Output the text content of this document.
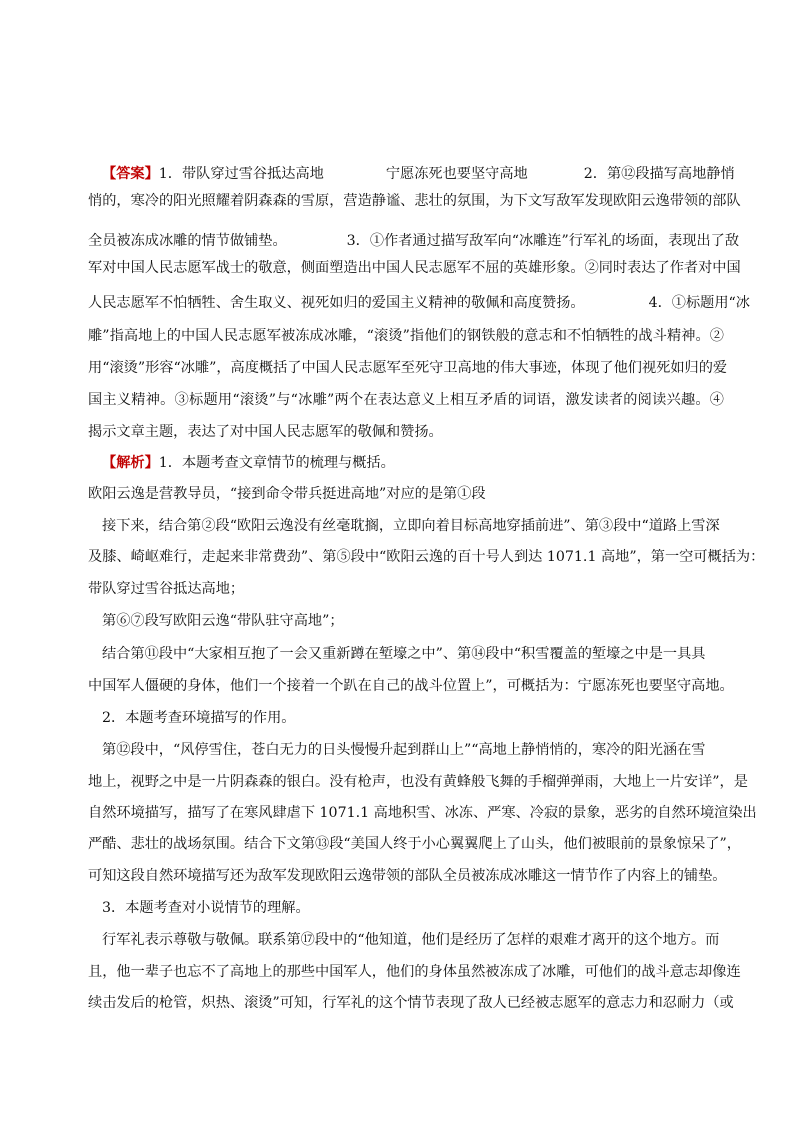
【答案】1．带队穿过雪谷抵达高地	宁愿冻死也要坚守高地	2．第⑫段描写高地静悄
悄的，寒冷的阳光照耀着阴森森的雪原，营造静谧、悲壮的氛围，为下文写敌军发现欧阳云逸带领的部队
全员被冻成冰雕的情节做铺垫。	3．①作者通过描写敌军向“冰雕连”行军礼的场面，表现出了敌
军对中国人民志愿军战士的敬意，侧面塑造出中国人民志愿军不屈的英雄形象。②同时表达了作者对中国
人民志愿军不怕牺牲、舍生取义、视死如归的爱国主义精神的敬佩和高度赞扬。	4．①标题用“冰
雕”指高地上的中国人民志愿军被冻成冰雕，“滚烫”指他们的钢铁般的意志和不怕牺牲的战斗精神。②
用“滚烫”形容“冰雕”，高度概括了中国人民志愿军至死守卫高地的伟大事迹，体现了他们视死如归的爱
国主义精神。③标题用“滚烫”与“冰雕”两个在表达意义上相互矛盾的词语，激发读者的阅读兴趣。④
揭示文章主题，表达了对中国人民志愿军的敬佩和赞扬。
【解析】1．本题考查文章情节的梳理与概括。
欧阳云逸是营教导员，“接到命令带兵挺进高地”对应的是第①段
接下来，结合第②段“欧阳云逸没有丝毫耽搁，立即向着目标高地穿插前进”、第③段中“道路上雪深
及膝、崎岖难行，走起来非常费劲”、第⑤段中“欧阳云逸的百十号人到达 1071.1 高地”，第一空可概括为：
带队穿过雪谷抵达高地；
第⑥⑦段写欧阳云逸“带队驻守高地”；
结合第⑪段中“大家相互抱了一会又重新蹲在堑壕之中”、第⑭段中“积雪覆盖的堑壕之中是一具具
中国军人僵硬的身体，他们一个接着一个趴在自己的战斗位置上”，可概括为：宁愿冻死也要坚守高地。
2．本题考查环境描写的作用。
第⑫段中，“风停雪住，苍白无力的日头慢慢升起到群山上”“高地上静悄悄的，寒冷的阳光涵在雪
地上，视野之中是一片阴森森的银白。没有枪声，也没有黄蜂般飞舞的手榴弹弹雨，大地上一片安详”，是
自然环境描写，描写了在寒风肆虐下 1071.1 高地积雪、冰冻、严寒、冷寂的景象，恶劣的自然环境渲染出
严酷、悲壮的战场氛围。结合下文第⑬段“美国人终于小心翼翼爬上了山头，他们被眼前的景象惊呆了”，
可知这段自然环境描写还为敌军发现欧阳云逸带领的部队全员被冻成冰雕这一情节作了内容上的铺垫。
3．本题考查对小说情节的理解。
行军礼表示尊敬与敬佩。联系第⑰段中的“他知道，他们是经历了怎样的艰难才离开的这个地方。而
且，他一辈子也忘不了高地上的那些中国军人，他们的身体虽然被冻成了冰雕，可他们的战斗意志却像连
续击发后的枪管，炽热、滚烫”可知，行军礼的这个情节表现了敌人已经被志愿军的意志力和忍耐力（或
